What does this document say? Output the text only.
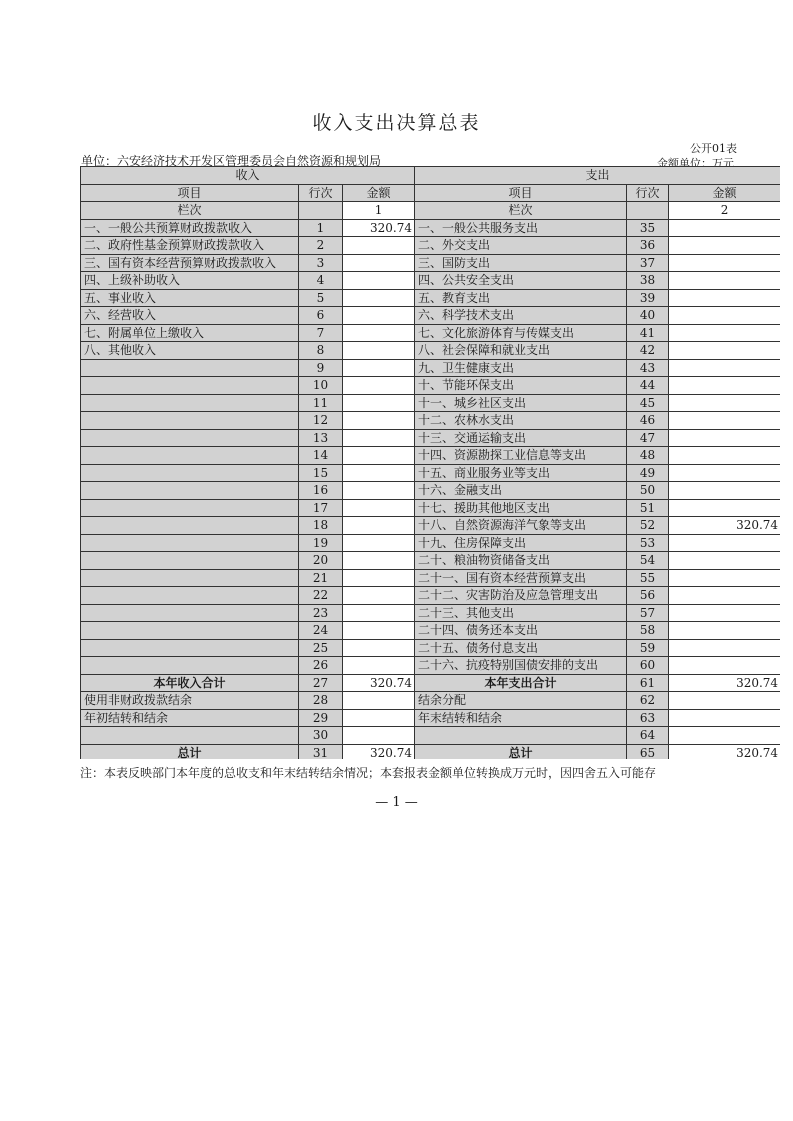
收入支出决算总表
公开01表
单位：六安经济技术开发区管理委员会自然资源和规划局	金额单位：万元
收入			支出		
项目	行次	金额	项目	行次	金额
栏次		1	栏次		2
一、一般公共预算财政拨款收入	1	320.74	一、一般公共服务支出	35	
二、政府性基金预算财政拨款收入	2		二、外交支出	36	
三、国有资本经营预算财政拨款收入	3		三、国防支出	37	
四、上级补助收入	4		四、公共安全支出	38	
五、事业收入	5		五、教育支出	39	
六、经营收入	6		六、科学技术支出	40	
七、附属单位上缴收入	7		七、文化旅游体育与传媒支出	41	
八、其他收入	8		八、社会保障和就业支出	42	
	9		九、卫生健康支出	43	
	10		十、节能环保支出	44	
	11		十一、城乡社区支出	45	
	12		十二、农林水支出	46	
	13		十三、交通运输支出	47	
	14		十四、资源勘探工业信息等支出	48	
	15		十五、商业服务业等支出	49	
	16		十六、金融支出	50	
	17		十七、援助其他地区支出	51	
	18		十八、自然资源海洋气象等支出	52	320.74
	19		十九、住房保障支出	53	
	20		二十、粮油物资储备支出	54	
	21		二十一、国有资本经营预算支出	55	
	22		二十二、灾害防治及应急管理支出	56	
	23		二十三、其他支出	57	
	24		二十四、债务还本支出	58	
	25		二十五、债务付息支出	59	
	26		二十六、抗疫特别国债安排的支出	60	
本年收入合计	27	320.74	本年支出合计	61	320.74
使用非财政拨款结余	28		结余分配	62	
年初结转和结余	29		年末结转和结余	63	
	30			64	
总计	31	320.74	总计	65	320.74
注：本表反映部门本年度的总收支和年末结转结余情况；本套报表金额单位转换成万元时，因四舍五入可能存
— 1 —
